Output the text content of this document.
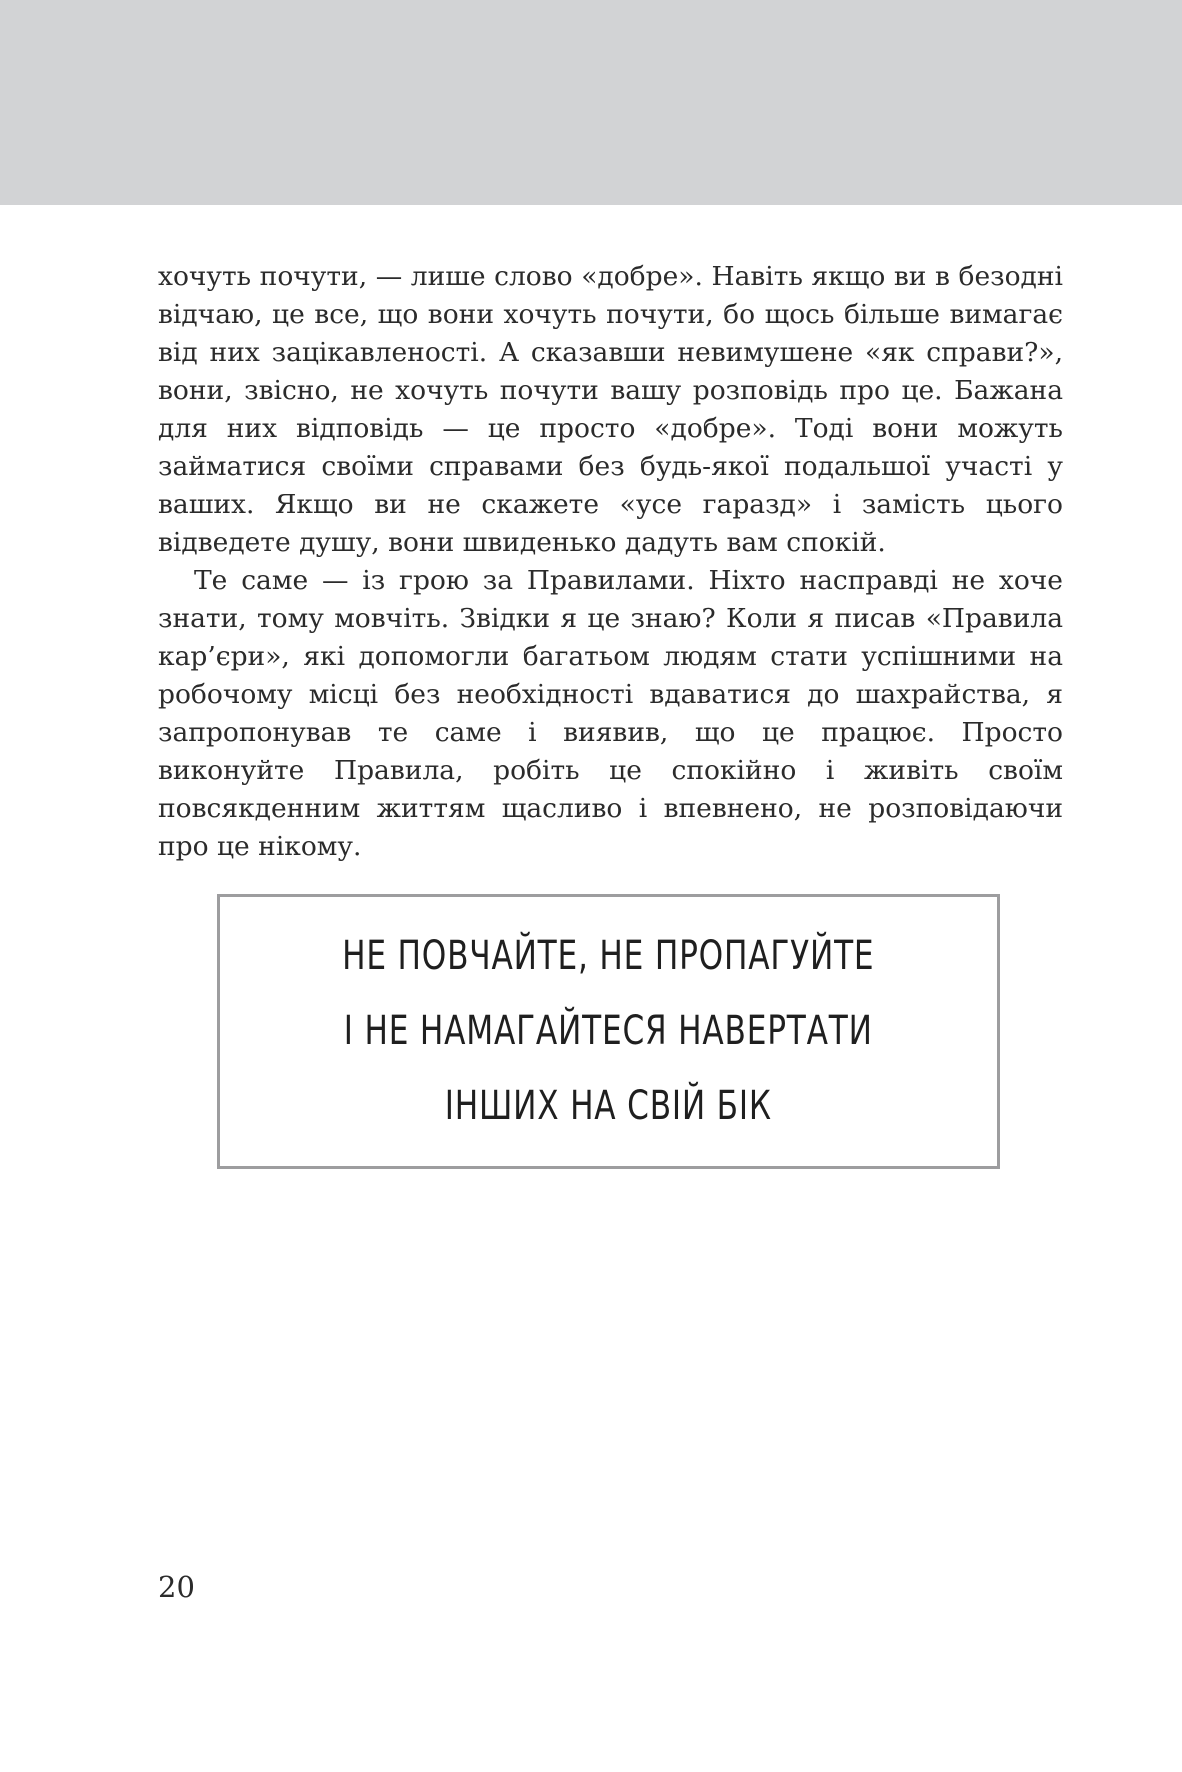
хочуть почути, — лише слово «добре». Навіть якщо ви в безодні відчаю, це все, що вони хочуть почути, бо щось більше вимагає від них зацікавленості. А сказавши невимушене «як справи?», вони, звісно, не хочуть почути вашу розповідь про це. Бажана для них відповідь — це просто «добре». Тоді вони можуть займатися своїми справами без будь-якої подальшої участі у ваших. Якщо ви не скажете «усе гаразд» і замість цього відведете душу, вони швиденько дадуть вам спокій.

Те саме — із грою за Правилами. Ніхто насправді не хоче знати, тому мовчіть. Звідки я це знаю? Коли я писав «Правила кар’єри», які допомогли багатьом людям стати успішними на робочому місці без необхідності вдаватися до шахрайства, я запропонував те саме і виявив, що це працює. Просто виконуйте Правила, робіть це спокійно і живіть своїм повсякденним життям щасливо і впевнено, не розповідаючи про це нікому.

НЕ ПОВЧАЙТЕ, НЕ ПРОПАГУЙТЕ
І НЕ НАМАГАЙТЕСЯ НАВЕРТАТИ
ІНШИХ НА СВІЙ БІК
20
